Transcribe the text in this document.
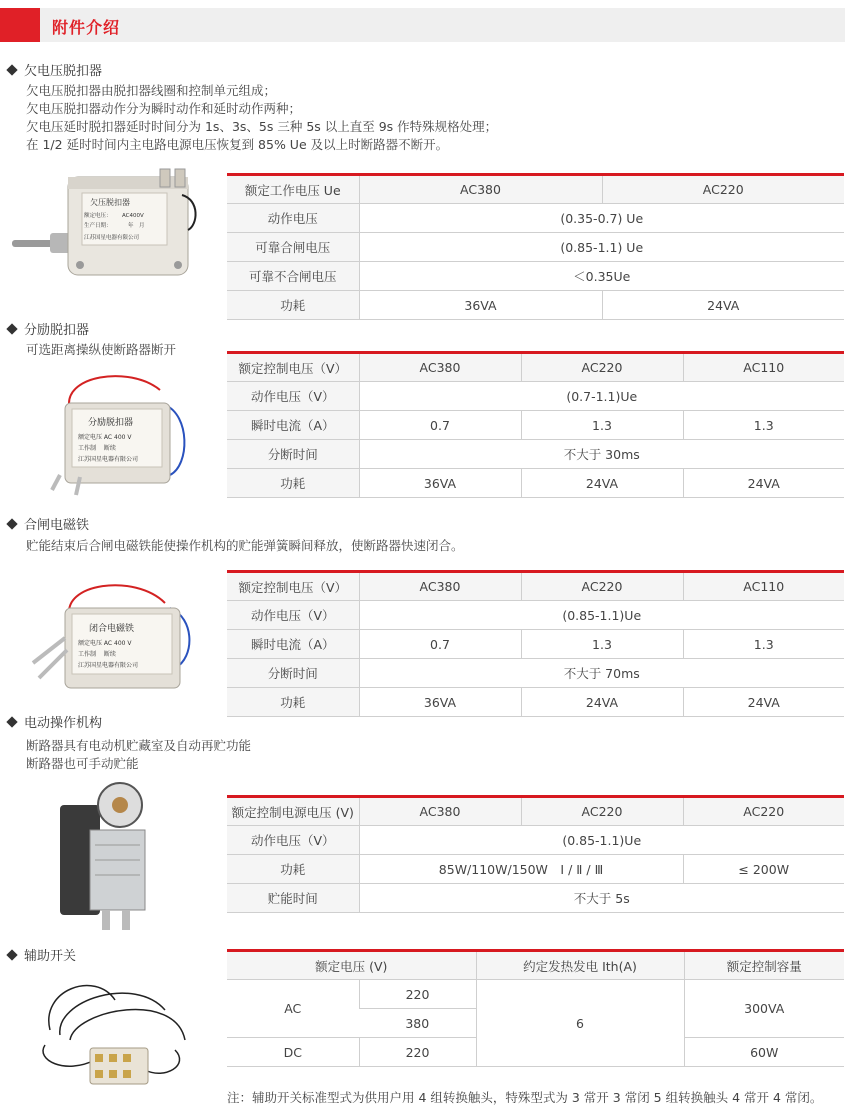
附件介绍
欠电压脱扣器
欠电压脱扣器由脱扣器线圈和控制单元组成；
欠电压脱扣器动作分为瞬时动作和延时动作两种；
欠电压延时脱扣器延时时间分为 1s、3s、5s 三种 5s 以上直至 9s 作特殊规格处理；
在 1/2 延时时间内主电路电源电压恢复到 85% Ue 及以上时断路器不断开。
欠压脱扣器
额定电压： AC400V
生产日期：	年　月
江苏国星电器有限公司
额定工作电压 Ue	AC380	AC220
动作电压	(0.35-0.7) Ue	
可靠合闸电压	(0.85-1.1) Ue	
可靠不合闸电压	＜0.35Ue	
功耗	36VA	24VA
分励脱扣器
可选距离操纵使断路器断开
分励脱扣器
额定电压 AC 400 V
工作制　 断续
江苏国星电器有限公司
额定控制电压（V）	AC380	AC220	AC110
动作电压（V）	(0.7-1.1)Ue		
瞬时电流（A）	0.7	1.3	1.3
分断时间	不大于 30ms		
功耗	36VA	24VA	24VA
合闸电磁铁
贮能结束后合闸电磁铁能使操作机构的贮能弹簧瞬间释放，使断路器快速闭合。
闭合电磁铁
额定电压 AC 400 V
工作制　 断续
江苏国星电器有限公司
额定控制电压（V）	AC380	AC220	AC110
动作电压（V）	(0.85-1.1)Ue		
瞬时电流（A）	0.7	1.3	1.3
分断时间	不大于 70ms		
功耗	36VA	24VA	24VA
电动操作机构
断路器具有电动机贮藏室及自动再贮功能
断路器也可手动贮能
额定控制电源电压 (V)	AC380	AC220	AC220
动作电压（V）	(0.85-1.1)Ue		
功耗	85W/110W/150W　Ⅰ / Ⅱ / Ⅲ		≤ 200W
贮能时间	不大于 5s		
辅助开关
额定电压 (V)		约定发热发电 Ith(A)	额定控制容量
AC	220	6	300VA
	380		
DC	220		60W
注：辅助开关标准型式为供用户用 4 组转换触头，特殊型式为 3 常开 3 常闭 5 组转换触头 4 常开 4 常闭。
